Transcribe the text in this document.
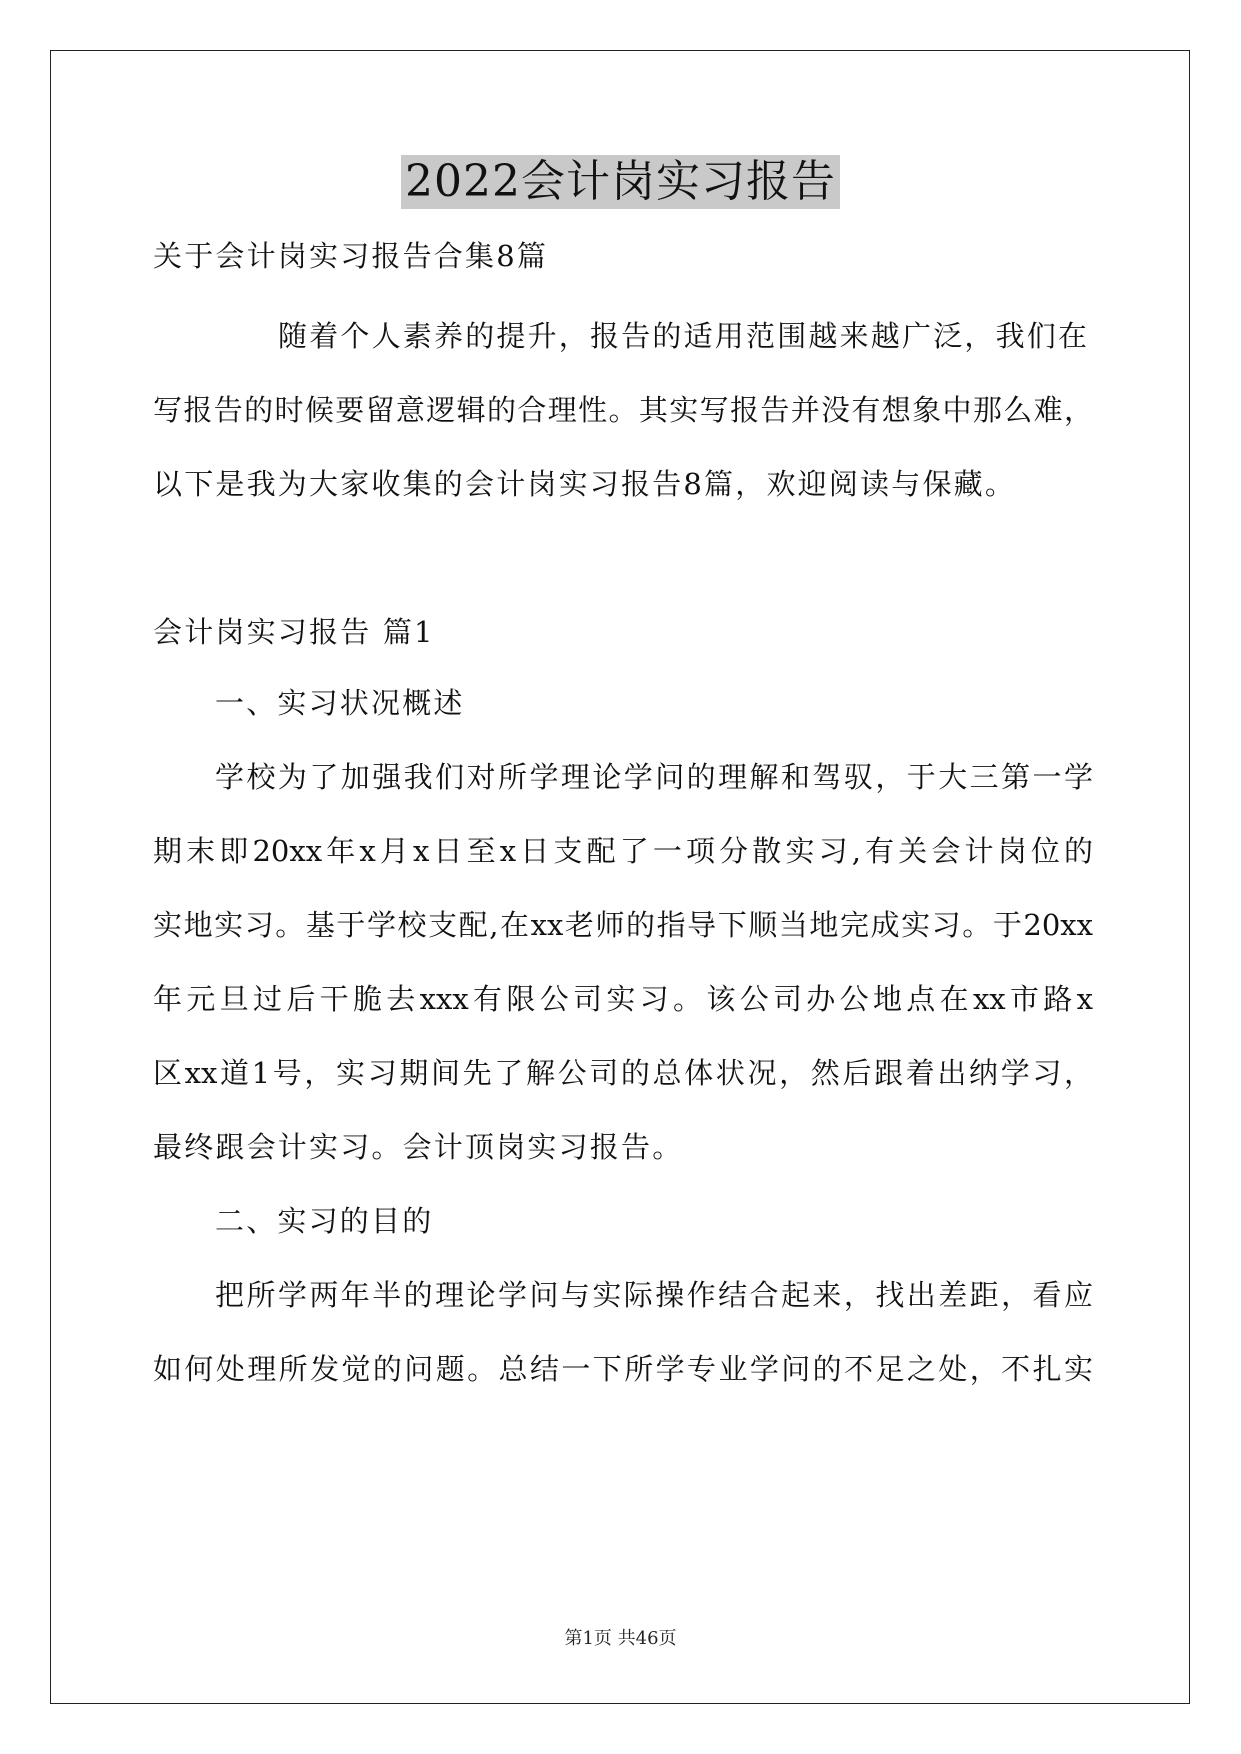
2022会计岗实习报告
关于会计岗实习报告合集8篇
随着个人素养的提升，报告的适用范围越来越广泛，我们在
写报告的时候要留意逻辑的合理性。其实写报告并没有想象中那么难，
以下是我为大家收集的会计岗实习报告8篇，欢迎阅读与保藏。
会计岗实习报告 篇1
一、实习状况概述
学校为了加强我们对所学理论学问的理解和驾驭，于大三第一学
期末即20xx年x月x日至x日支配了一项分散实习,有关会计岗位的
实地实习。基于学校支配,在xx老师的指导下顺当地完成实习。于20xx
年元旦过后干脆去xxx有限公司实习。该公司办公地点在xx市路x
区xx道1号，实习期间先了解公司的总体状况，然后跟着出纳学习，
最终跟会计实习。会计顶岗实习报告。
二、实习的目的
把所学两年半的理论学问与实际操作结合起来，找出差距，看应
如何处理所发觉的问题。总结一下所学专业学问的不足之处，不扎实
第1页 共46页
